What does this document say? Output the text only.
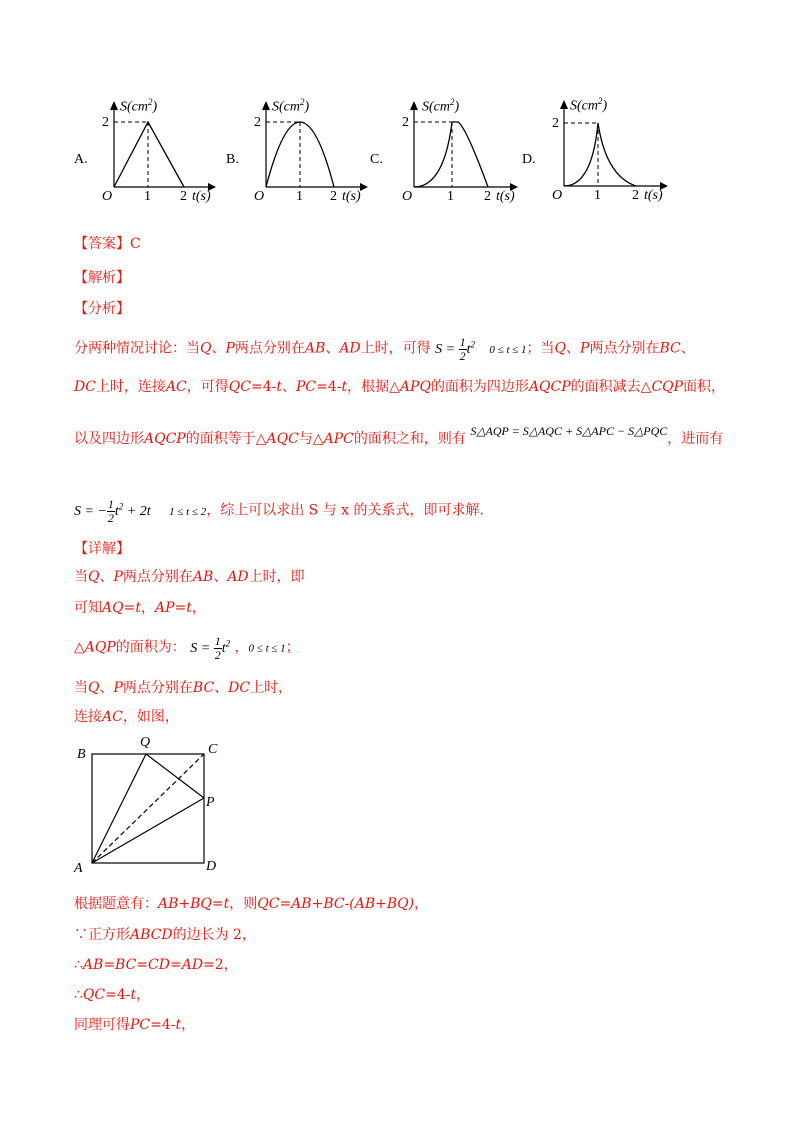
A.
$S(cm^2)$
2
O 1 2 t(s)
B.
$S(cm^2)$
2
O 1 2 t(s)
C.
$S(cm^2)$
2
O 1 2 t(s)
D.
$S(cm^2)$
2
O 1 2 t(s)
【答案】C
【解析】
【分析】
分两种情况讨论：当Q、P两点分别在AB、AD上时，可得 $S = \frac{1}{2} t^2$ 0 ≤ t ≤ 1；当Q、P两点分别在BC、
DC上时，连接AC，可得QC=4-t、PC=4-t，根据△APQ的面积为四边形AQCP的面积减去△CQP面积，
以及四边形AQCP的面积等于△AQC与△APC的面积之和，则有 S△AQP = S△AQC + S△APC − S△PQC，进而有
S = − $\frac{1}{2} t^2 + 2t$ 1 ≤ t ≤ 2，综上可以求出 S 与 x 的关系式，即可求解.
【详解】
当Q、P两点分别在AB、AD上时，即
可知AQ=t，AP=t，
△AQP的面积为： $S = \frac{1}{2} t^2$ ，0 ≤ t ≤ 1；
当Q、P两点分别在BC、DC上时，
连接AC，如图，
B
Q	C
P
A	D
根据题意有：AB+BQ=t，则QC=AB+BC-(AB+BQ)，
∵正方形ABCD的边长为 2，
∴AB=BC=CD=AD=2，
∴QC=4-t，
同理可得PC=4-t，
